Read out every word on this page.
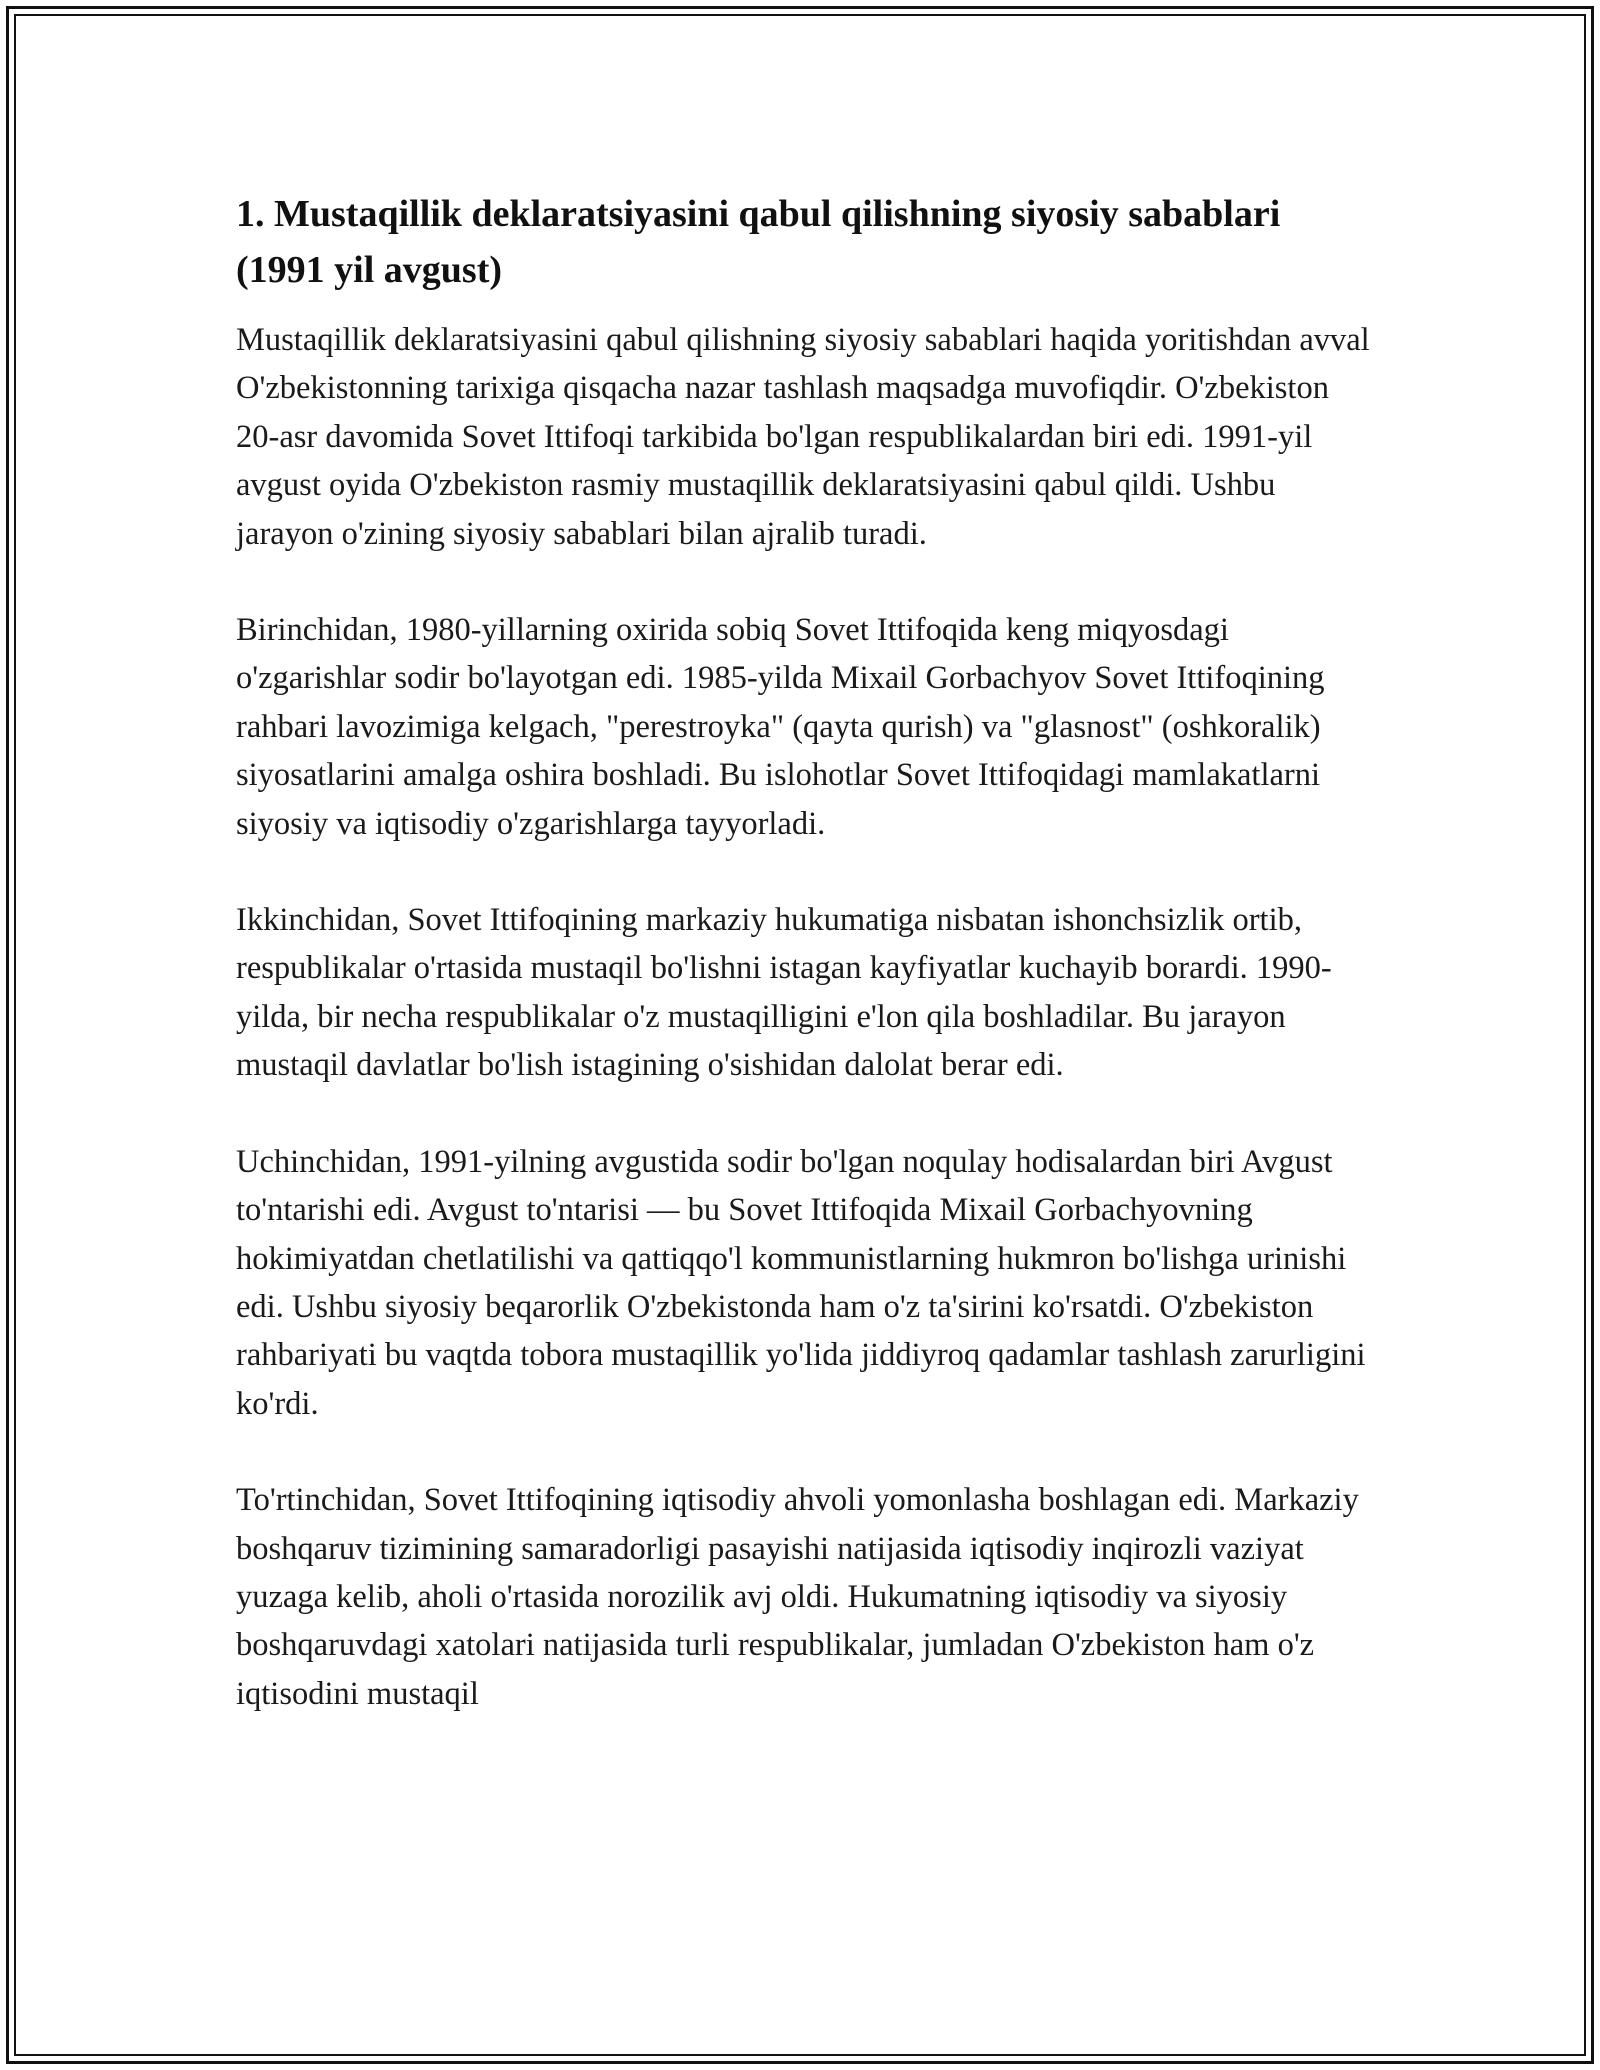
1. Mustaqillik deklaratsiyasini qabul qilishning siyosiy sabablari (1991 yil avgust)

Mustaqillik deklaratsiyasini qabul qilishning siyosiy sabablari haqida yoritishdan avval O'zbekistonning tarixiga qisqacha nazar tashlash maqsadga muvofiqdir. O'zbekiston 20-asr davomida Sovet Ittifoqi tarkibida bo'lgan respublikalardan biri edi. 1991-yil avgust oyida O'zbekiston rasmiy mustaqillik deklaratsiyasini qabul qildi. Ushbu jarayon o'zining siyosiy sabablari bilan ajralib turadi.

Birinchidan, 1980-yillarning oxirida sobiq Sovet Ittifoqida keng miqyosdagi o'zgarishlar sodir bo'layotgan edi. 1985-yilda Mixail Gorbachyov Sovet Ittifoqining rahbari lavozimiga kelgach, "perestroyka" (qayta qurish) va "glasnost" (oshkoralik) siyosatlarini amalga oshira boshladi. Bu islohotlar Sovet Ittifoqidagi mamlakatlarni siyosiy va iqtisodiy o'zgarishlarga tayyorladi.

Ikkinchidan, Sovet Ittifoqining markaziy hukumatiga nisbatan ishonchsizlik ortib, respublikalar o'rtasida mustaqil bo'lishni istagan kayfiyatlar kuchayib borardi. 1990-yilda, bir necha respublikalar o'z mustaqilligini e'lon qila boshladilar. Bu jarayon mustaqil davlatlar bo'lish istagining o'sishidan dalolat berar edi.

Uchinchidan, 1991-yilning avgustida sodir bo'lgan noqulay hodisalardan biri Avgust to'ntarishi edi. Avgust to'ntarisi — bu Sovet Ittifoqida Mixail Gorbachyovning hokimiyatdan chetlatilishi va qattiqqo'l kommunistlarning hukmron bo'lishga urinishi edi. Ushbu siyosiy beqarorlik O'zbekistonda ham o'z ta'sirini ko'rsatdi. O'zbekiston rahbariyati bu vaqtda tobora mustaqillik yo'lida jiddiyroq qadamlar tashlash zarurligini ko'rdi.

To'rtinchidan, Sovet Ittifoqining iqtisodiy ahvoli yomonlasha boshlagan edi. Markaziy boshqaruv tizimining samaradorligi pasayishi natijasida iqtisodiy inqirozli vaziyat yuzaga kelib, aholi o'rtasida norozilik avj oldi. Hukumatning iqtisodiy va siyosiy boshqaruvdagi xatolari natijasida turli respublikalar, jumladan O'zbekiston ham o'z iqtisodini mustaqil
